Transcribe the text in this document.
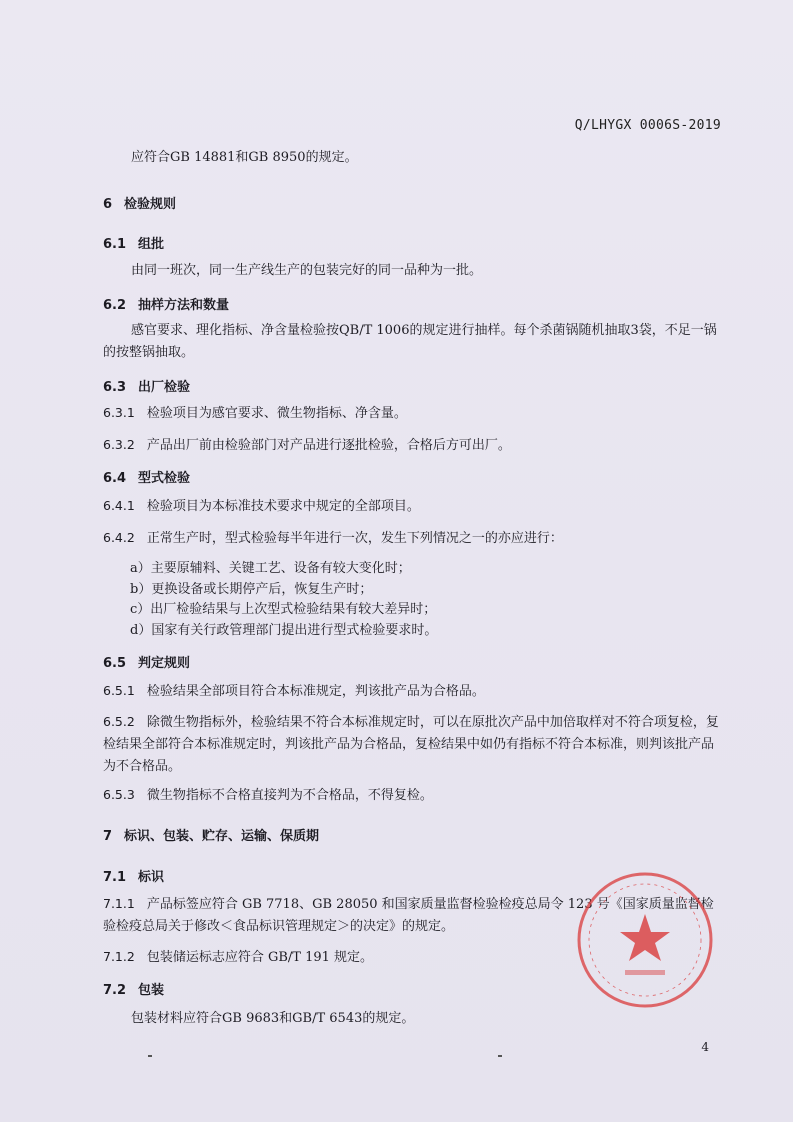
Q/LHYGX 0006S-2019
应符合GB 14881和GB 8950的规定。
6 检验规则
6.1 组批
由同一班次，同一生产线生产的包装完好的同一品种为一批。
6.2 抽样方法和数量
感官要求、理化指标、净含量检验按QB/T 1006的规定进行抽样。每个杀菌锅随机抽取3袋，不足一锅的按整锅抽取。
6.3 出厂检验
6.3.1 检验项目为感官要求、微生物指标、净含量。
6.3.2 产品出厂前由检验部门对产品进行逐批检验，合格后方可出厂。
6.4 型式检验
6.4.1 检验项目为本标准技术要求中规定的全部项目。
6.4.2 正常生产时，型式检验每半年进行一次，发生下列情况之一的亦应进行：
a）主要原辅料、关键工艺、设备有较大变化时；
b）更换设备或长期停产后，恢复生产时；
c）出厂检验结果与上次型式检验结果有较大差异时；
d）国家有关行政管理部门提出进行型式检验要求时。
6.5 判定规则
6.5.1 检验结果全部项目符合本标准规定，判该批产品为合格品。
6.5.2 除微生物指标外，检验结果不符合本标准规定时，可以在原批次产品中加倍取样对不符合项复检，复检结果全部符合本标准规定时，判该批产品为合格品，复检结果中如仍有指标不符合本标准，则判该批产品为不合格品。
6.5.3 微生物指标不合格直接判为不合格品，不得复检。
7 标识、包装、贮存、运输、保质期
7.1 标识
7.1.1 产品标签应符合 GB 7718、GB 28050 和国家质量监督检验检疫总局令 123 号《国家质量监督检验检疫总局关于修改＜食品标识管理规定＞的决定》的规定。
7.1.2 包装储运标志应符合 GB/T 191 规定。
7.2 包装
包装材料应符合GB 9683和GB/T 6543的规定。
4
